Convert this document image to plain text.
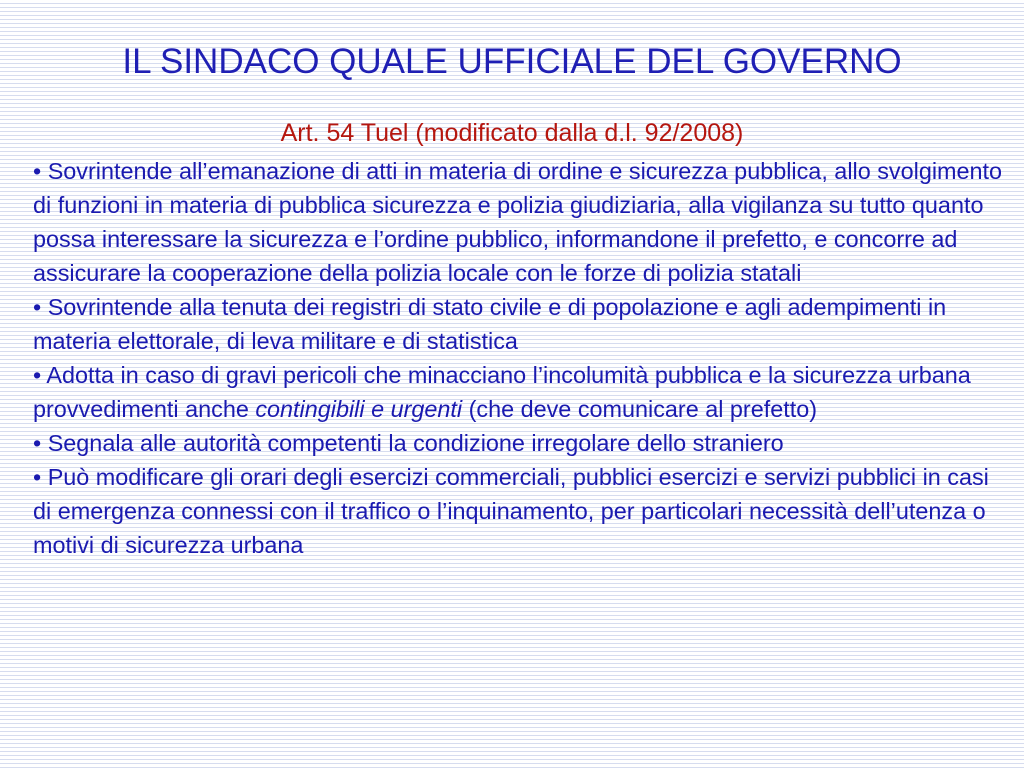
IL SINDACO QUALE UFFICIALE DEL GOVERNO
Art. 54 Tuel (modificato dalla d.l. 92/2008)

• Sovrintende all’emanazione di atti in materia di ordine e sicurezza pubblica, allo svolgimento di funzioni in materia di pubblica sicurezza e polizia giudiziaria, alla vigilanza su tutto quanto possa interessare la sicurezza e l’ordine pubblico, informandone il prefetto, e concorre ad assicurare la cooperazione della polizia locale con le forze di polizia statali

• Sovrintende alla tenuta dei registri di stato civile e di popolazione e agli adempimenti in materia elettorale, di leva militare e di statistica

• Adotta in caso di gravi pericoli che minacciano l’incolumità pubblica e la sicurezza urbana provvedimenti anche contingibili e urgenti (che deve comunicare al prefetto)

• Segnala alle autorità competenti la condizione irregolare dello straniero

• Può modificare gli orari degli esercizi commerciali, pubblici esercizi e servizi pubblici in casi di emergenza connessi con il traffico o l’inquinamento, per particolari necessità dell’utenza o motivi di sicurezza urbana
